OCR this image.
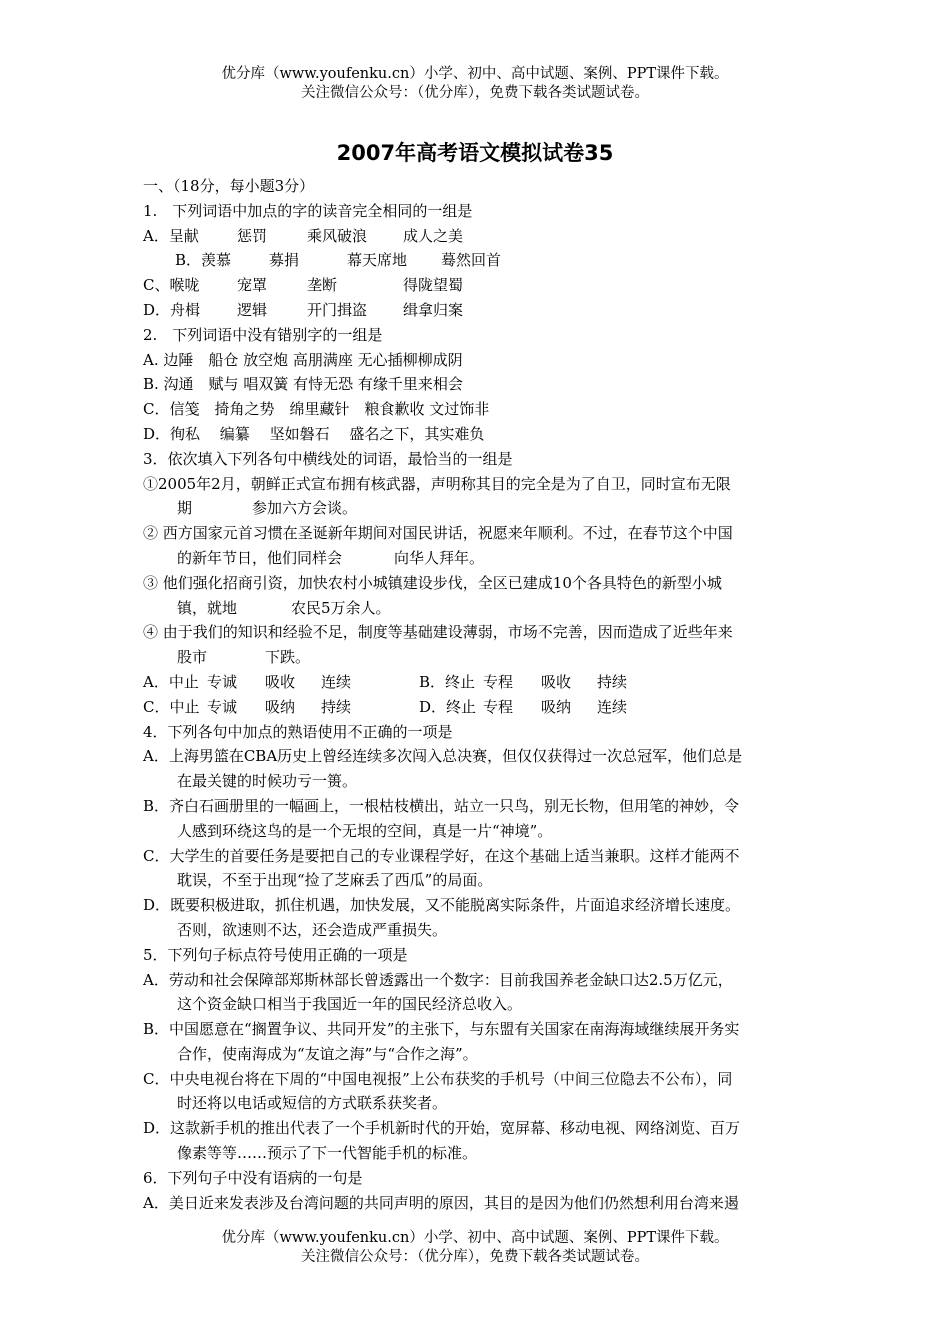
优分库（www.youfenku.cn）小学、初中、高中试题、案例、PPT课件下载。
关注微信公众号：（优分库），免费下载各类试题试卷。
2007年高考语文模拟试卷35
一、（18分，每小题3分）
1.　下列词语中加点的字的读音完全相同的一组是
A．呈献	惩罚	乘风破浪 成人之美
B．羡慕	募捐	幕天席地 蓦然回首
C、喉咙	宠罩	垄断	得陇望蜀
D．舟楫 逻辑	开门揖盗 缉拿归案
2.　下列词语中没有错别字的一组是
A. 边陲　船仓 放空炮 高朋满座 无心插柳柳成阴
B. 沟通　赋与 唱双簧 有恃无恐 有缘千里来相会
C．信笺　掎角之势　绵里藏针　粮食歉收 文过饰非
D．徇私　 编纂　 坚如磐石　 盛名之下，其实难负
3．依次填入下列各句中横线处的词语，最恰当的一组是
①2005年2月，朝鲜正式宣布拥有核武器，声明称其目的完全是为了自卫，同时宣布无限
期	参加六方会谈。
② 西方国家元首习惯在圣诞新年期间对国民讲话，祝愿来年顺利。不过，在春节这个中国
的新年节日，他们同样会	向华人拜年。
③ 他们强化招商引资，加快农村小城镇建设步伐，全区已建成10个各具特色的新型小城
镇，就地	农民5万余人。
④ 由于我们的知识和经验不足，制度等基础建设薄弱，市场不完善，因而造成了近些年来
股市	下跌。
A．中止 专诚 吸收 连续	B．终止 专程 吸收 持续
C．中止 专诚 吸纳 持续	D．终止 专程 吸纳 连续
4．下列各句中加点的熟语使用不正确的一项是
A．上海男篮在CBA历史上曾经连续多次闯入总决赛，但仅仅获得过一次总冠军，他们总是
在最关键的时候功亏一篑。
B．齐白石画册里的一幅画上，一根枯枝横出，站立一只鸟，别无长物，但用笔的神妙，令
人感到环绕这鸟的是一个无垠的空间，真是一片“神境”。
C．大学生的首要任务是要把自己的专业课程学好，在这个基础上适当兼职。这样才能两不
耽误，不至于出现“捡了芝麻丢了西瓜”的局面。
D．既要积极进取，抓住机遇，加快发展，又不能脱离实际条件，片面追求经济增长速度。
否则，欲速则不达，还会造成严重损失。
5．下列句子标点符号使用正确的一项是
A．劳动和社会保障部郑斯林部长曾透露出一个数字：目前我国养老金缺口达2.5万亿元，
这个资金缺口相当于我国近一年的国民经济总收入。
B．中国愿意在“搁置争议、共同开发”的主张下，与东盟有关国家在南海海域继续展开务实
合作，使南海成为“友谊之海”与“合作之海”。
C．中央电视台将在下周的“中国电视报”上公布获奖的手机号（中间三位隐去不公布），同
时还将以电话或短信的方式联系获奖者。
D．这款新手机的推出代表了一个手机新时代的开始，宽屏幕、移动电视、网络浏览、百万
像素等等……预示了下一代智能手机的标准。
6．下列句子中没有语病的一句是
A．美日近来发表涉及台湾问题的共同声明的原因，其目的是因为他们仍然想利用台湾来遏
优分库（www.youfenku.cn）小学、初中、高中试题、案例、PPT课件下载。
关注微信公众号：（优分库），免费下载各类试题试卷。
